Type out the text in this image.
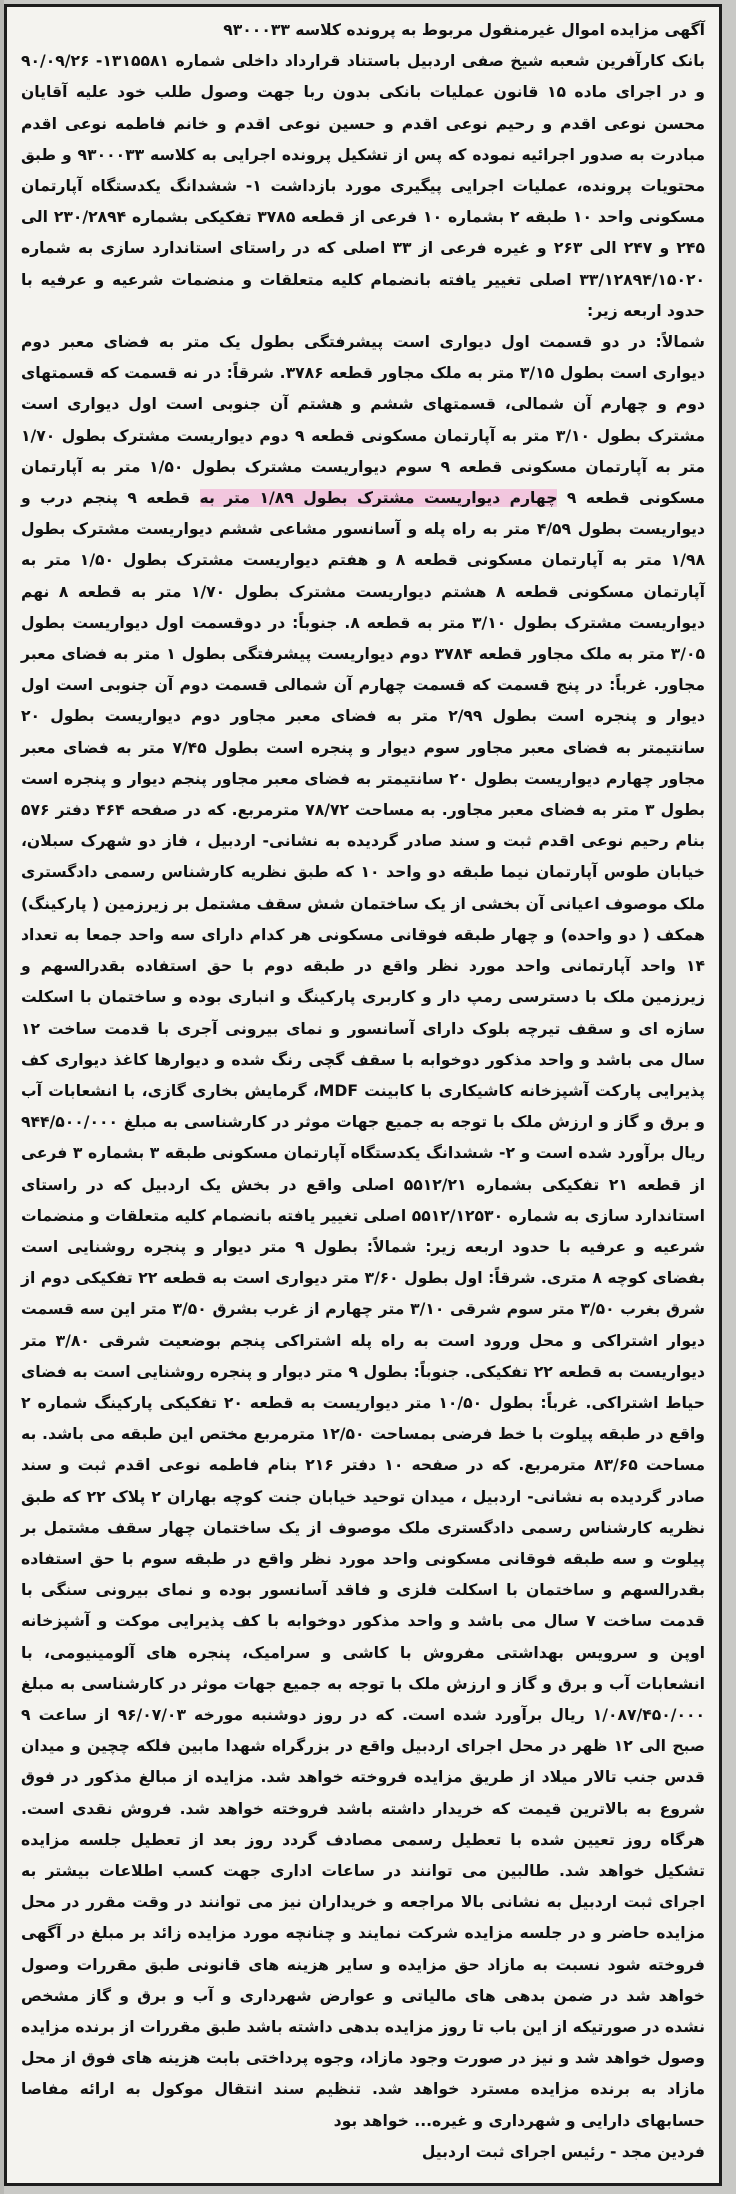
آگهی مزایده اموال غیرمنقول مربوط به پرونده کلاسه ۹۳۰۰۰۳۳

بانک کارآفرین شعبه شیخ صفی اردبیل باستناد قرارداد داخلی شماره ۱۳۱۵۵۸۱- ۹۰/۰۹/۲۶ و در اجرای ماده ۱۵ قانون عملیات بانکی بدون ربا جهت وصول طلب خود علیه آقایان محسن نوعی اقدم و رحیم نوعی اقدم و حسین نوعی اقدم و خانم فاطمه نوعی اقدم مبادرت به صدور اجرائیه نموده که پس از تشکیل پرونده اجرایی به کلاسه ۹۳۰۰۰۳۳ و طبق محتویات پرونده، عملیات اجرایی پیگیری مورد بازداشت ۱- ششدانگ یکدستگاه آپارتمان مسکونی واحد ۱۰ طبقه ۲ بشماره ۱۰ فرعی از قطعه ۳۷۸۵ تفکیکی بشماره ۲۳۰/۲۸۹۴ الی ۲۴۵ و ۲۴۷ الی ۲۶۳ و غیره فرعی از ۳۳ اصلی که در راستای استاندارد سازی به شماره ۳۳/۱۲۸۹۴/۱۵۰۲۰ اصلی تغییر یافته بانضمام کلیه متعلقات و منضمات شرعیه و عرفیه با حدود اربعه زیر:

شمالاً: در دو قسمت اول دیواری است پیشرفتگی بطول یک متر به فضای معبر دوم دیواری است بطول ۳/۱۵ متر به ملک مجاور قطعه ۳۷۸۶. شرقاً: در نه قسمت که قسمتهای دوم و چهارم آن شمالی، قسمتهای ششم و هشتم آن جنوبی است اول دیواری است مشترک بطول ۳/۱۰ متر به آپارتمان مسکونی قطعه ۹ دوم دیواریست مشترک بطول ۱/۷۰ متر به آپارتمان مسکونی قطعه ۹ سوم دیواریست مشترک بطول ۱/۵۰ متر به آپارتمان مسکونی قطعه ۹ چهارم دیواریست مشترک بطول ۱/۸۹ متر به قطعه ۹ پنجم درب و دیواریست بطول ۴/۵۹ متر به راه پله و آسانسور مشاعی ششم دیواریست مشترک بطول ۱/۹۸ متر به آپارتمان مسکونی قطعه ۸ و هفتم دیواریست مشترک بطول ۱/۵۰ متر به آپارتمان مسکونی قطعه ۸ هشتم دیواریست مشترک بطول ۱/۷۰ متر به قطعه ۸ نهم دیواریست مشترک بطول ۳/۱۰ متر به قطعه ۸. جنوباً: در دوقسمت اول دیواریست بطول ۳/۰۵ متر به ملک مجاور قطعه ۳۷۸۴ دوم دیواریست پیشرفتگی بطول ۱ متر به فضای معبر مجاور. غرباً: در پنج قسمت که قسمت چهارم آن شمالی قسمت دوم آن جنوبی است اول دیوار و پنجره است بطول ۲/۹۹ متر به فضای معبر مجاور دوم دیواریست بطول ۲۰ سانتیمتر به فضای معبر مجاور سوم دیوار و پنجره است بطول ۷/۴۵ متر به فضای معبر مجاور چهارم دیواریست بطول ۲۰ سانتیمتر به فضای معبر مجاور پنجم دیوار و پنجره است بطول ۳ متر به فضای معبر مجاور. به مساحت ۷۸/۷۲ مترمربع. که در صفحه ۴۶۴ دفتر ۵۷۶ بنام رحیم نوعی اقدم ثبت و سند صادر گردیده به نشانی- اردبیل ، فاز دو شهرک سبلان، خیابان طوس آپارتمان نیما طبقه دو واحد ۱۰ که طبق نظریه کارشناس رسمی دادگستری ملک موصوف اعیانی آن بخشی از یک ساختمان شش سقف مشتمل بر زیرزمین ( پارکینگ) همکف ( دو واحده) و چهار طبقه فوقانی مسکونی هر کدام دارای سه واحد جمعا به تعداد ۱۴ واحد آپارتمانی واحد مورد نظر واقع در طبقه دوم با حق استفاده بقدرالسهم و زیرزمین ملک با دسترسی رمپ دار و کاربری پارکینگ و انباری بوده و ساختمان با اسکلت سازه ای و سقف تیرچه بلوک دارای آسانسور و نمای بیرونی آجری با قدمت ساخت ۱۲ سال می باشد و واحد مذکور دوخوابه با سقف گچی رنگ شده و دیوارها کاغذ دیواری کف پذیرایی پارکت آشپزخانه کاشیکاری با کابینت MDF، گرمایش بخاری گازی، با انشعابات آب و برق و گاز و ارزش ملک با توجه به جمیع جهات موثر در کارشناسی به مبلغ ۹۴۴/۵۰۰/۰۰۰ ریال برآورد شده است و ۲- ششدانگ یکدستگاه آپارتمان مسکونی طبقه ۳ بشماره ۳ فرعی از قطعه ۲۱ تفکیکی بشماره ۵۵۱۲/۲۱ اصلی واقع در بخش یک اردبیل که در راستای استاندارد سازی به شماره ۵۵۱۲/۱۲۵۳۰ اصلی تغییر یافته بانضمام کلیه متعلقات و منضمات شرعیه و عرفیه با حدود اربعه زیر: شمالاً: بطول ۹ متر دیوار و پنجره روشنایی است بفضای کوچه ۸ متری. شرقاً: اول بطول ۳/۶۰ متر دیواری است به قطعه ۲۲ تفکیکی دوم از شرق بغرب ۳/۵۰ متر سوم شرقی ۳/۱۰ متر چهارم از غرب بشرق ۳/۵۰ متر این سه قسمت دیوار اشتراکی و محل ورود است به راه پله اشتراکی پنجم بوضعیت شرقی ۳/۸۰ متر دیواریست به قطعه ۲۲ تفکیکی. جنوباً: بطول ۹ متر دیوار و پنجره روشنایی است به فضای حیاط اشتراکی. غرباً: بطول ۱۰/۵۰ متر دیواریست به قطعه ۲۰ تفکیکی پارکینگ شماره ۲ واقع در طبقه پیلوت با خط فرضی بمساحت ۱۲/۵۰ مترمربع مختص این طبقه می باشد. به مساحت ۸۳/۶۵ مترمربع. که در صفحه ۱۰ دفتر ۲۱۶ بنام فاطمه نوعی اقدم ثبت و سند صادر گردیده به نشانی- اردبیل ، میدان توحید خیابان جنت کوچه بهاران ۲ پلاک ۲۲ که طبق نظریه کارشناس رسمی دادگستری ملک موصوف از یک ساختمان چهار سقف مشتمل بر پیلوت و سه طبقه فوقانی مسکونی واحد مورد نظر واقع در طبقه سوم با حق استفاده بقدرالسهم و ساختمان با اسکلت فلزی و فاقد آسانسور بوده و نمای بیرونی سنگی با قدمت ساخت ۷ سال می باشد و واحد مذکور دوخوابه با کف پذیرایی موکت و آشپزخانه اوپن و سرویس بهداشتی مفروش با کاشی و سرامیک، پنجره های آلومینیومی، با انشعابات آب و برق و گاز و ارزش ملک با توجه به جمیع جهات موثر در کارشناسی به مبلغ ۱/۰۸۷/۴۵۰/۰۰۰ ریال برآورد شده است. که در روز دوشنبه مورخه ۹۶/۰۷/۰۳ از ساعت ۹ صبح الی ۱۲ ظهر در محل اجرای اردبیل واقع در بزرگراه شهدا مابین فلکه چچین و میدان قدس جنب تالار میلاد از طریق مزایده فروخته خواهد شد. مزایده از مبالغ مذکور در فوق شروع به بالاترین قیمت که خریدار داشته باشد فروخته خواهد شد. فروش نقدی است. هرگاه روز تعیین شده با تعطیل رسمی مصادف گردد روز بعد از تعطیل جلسه مزایده تشکیل خواهد شد. طالبین می توانند در ساعات اداری جهت کسب اطلاعات بیشتر به اجرای ثبت اردبیل به نشانی بالا مراجعه و خریداران نیز می توانند در وقت مقرر در محل مزایده حاضر و در جلسه مزایده شرکت نمایند و چنانچه مورد مزایده زائد بر مبلغ در آگهی فروخته شود نسبت به مازاد حق مزایده و سایر هزینه های قانونی طبق مقررات وصول خواهد شد در ضمن بدهی های مالیاتی و عوارض شهرداری و آب و برق و گاز مشخص نشده در صورتیکه از این باب تا روز مزایده بدهی داشته باشد طبق مقررات از برنده مزایده وصول خواهد شد و نیز در صورت وجود مازاد، وجوه پرداختی بابت هزینه های فوق از محل مازاد به برنده مزایده مسترد خواهد شد. تنظیم سند انتقال موکول به ارائه مفاصا حسابهای دارایی و شهرداری و غیره... خواهد بود

فردین مجد - رئیس اجرای ثبت اردبیل
